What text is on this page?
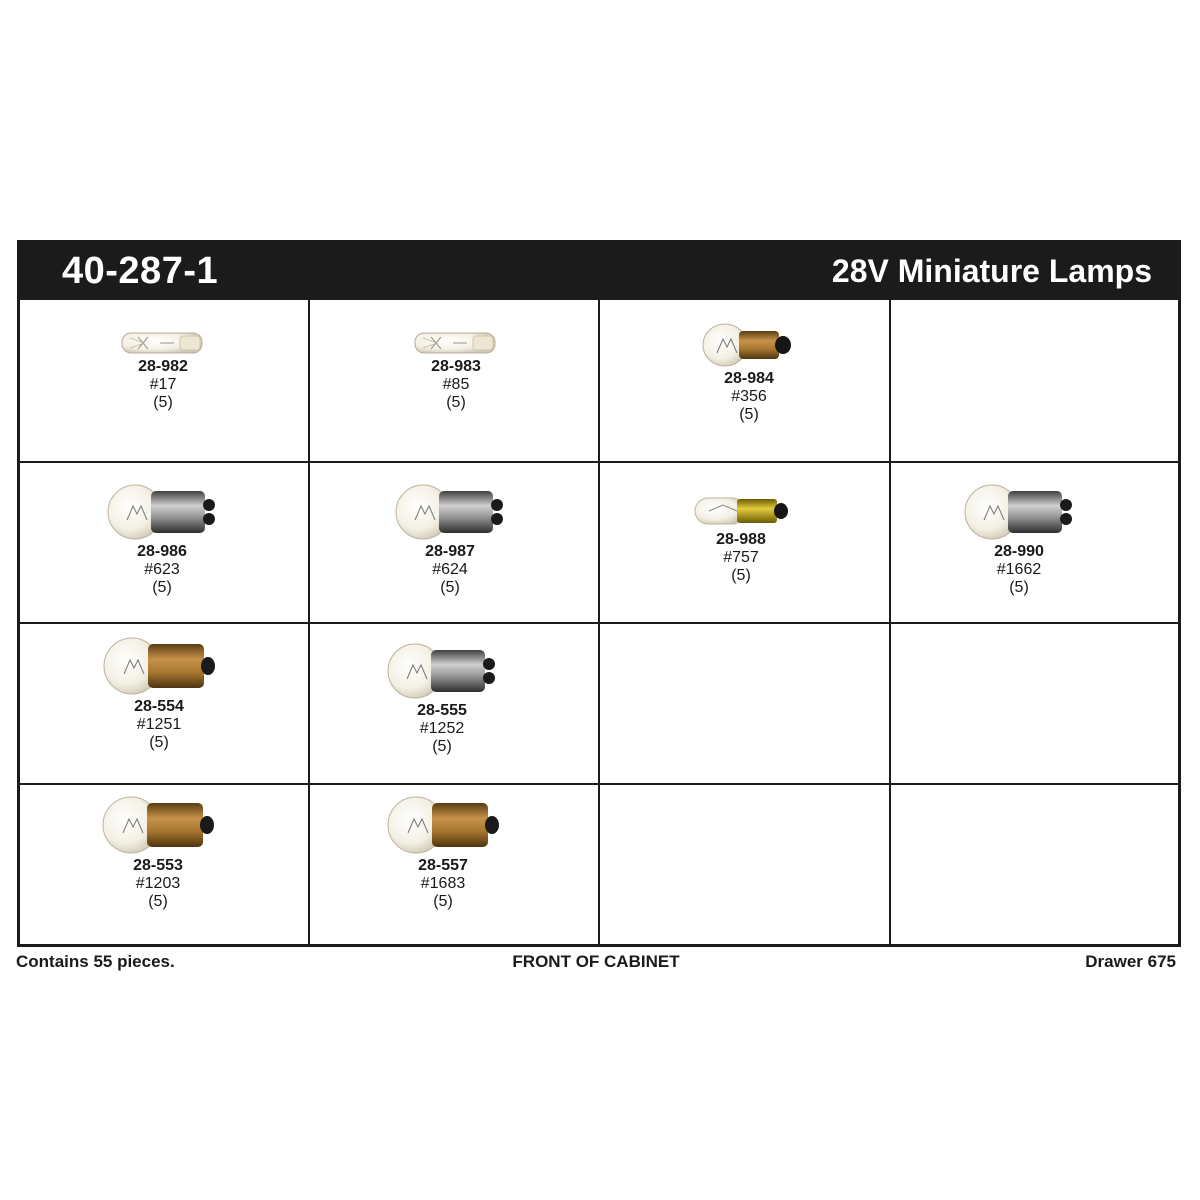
40-287-1	28V Miniature Lamps
28-982
#17
(5)
28-983
#85
(5)
28-984
#356
(5)
28-986
#623
(5)
28-987
#624
(5)
28-988
#757
(5)
28-990
#1662
(5)
28-554
#1251
(5)
28-555
#1252
(5)
28-553
#1203
(5)
28-557
#1683
(5)
Contains 55 pieces.	FRONT OF CABINET	Drawer 675
